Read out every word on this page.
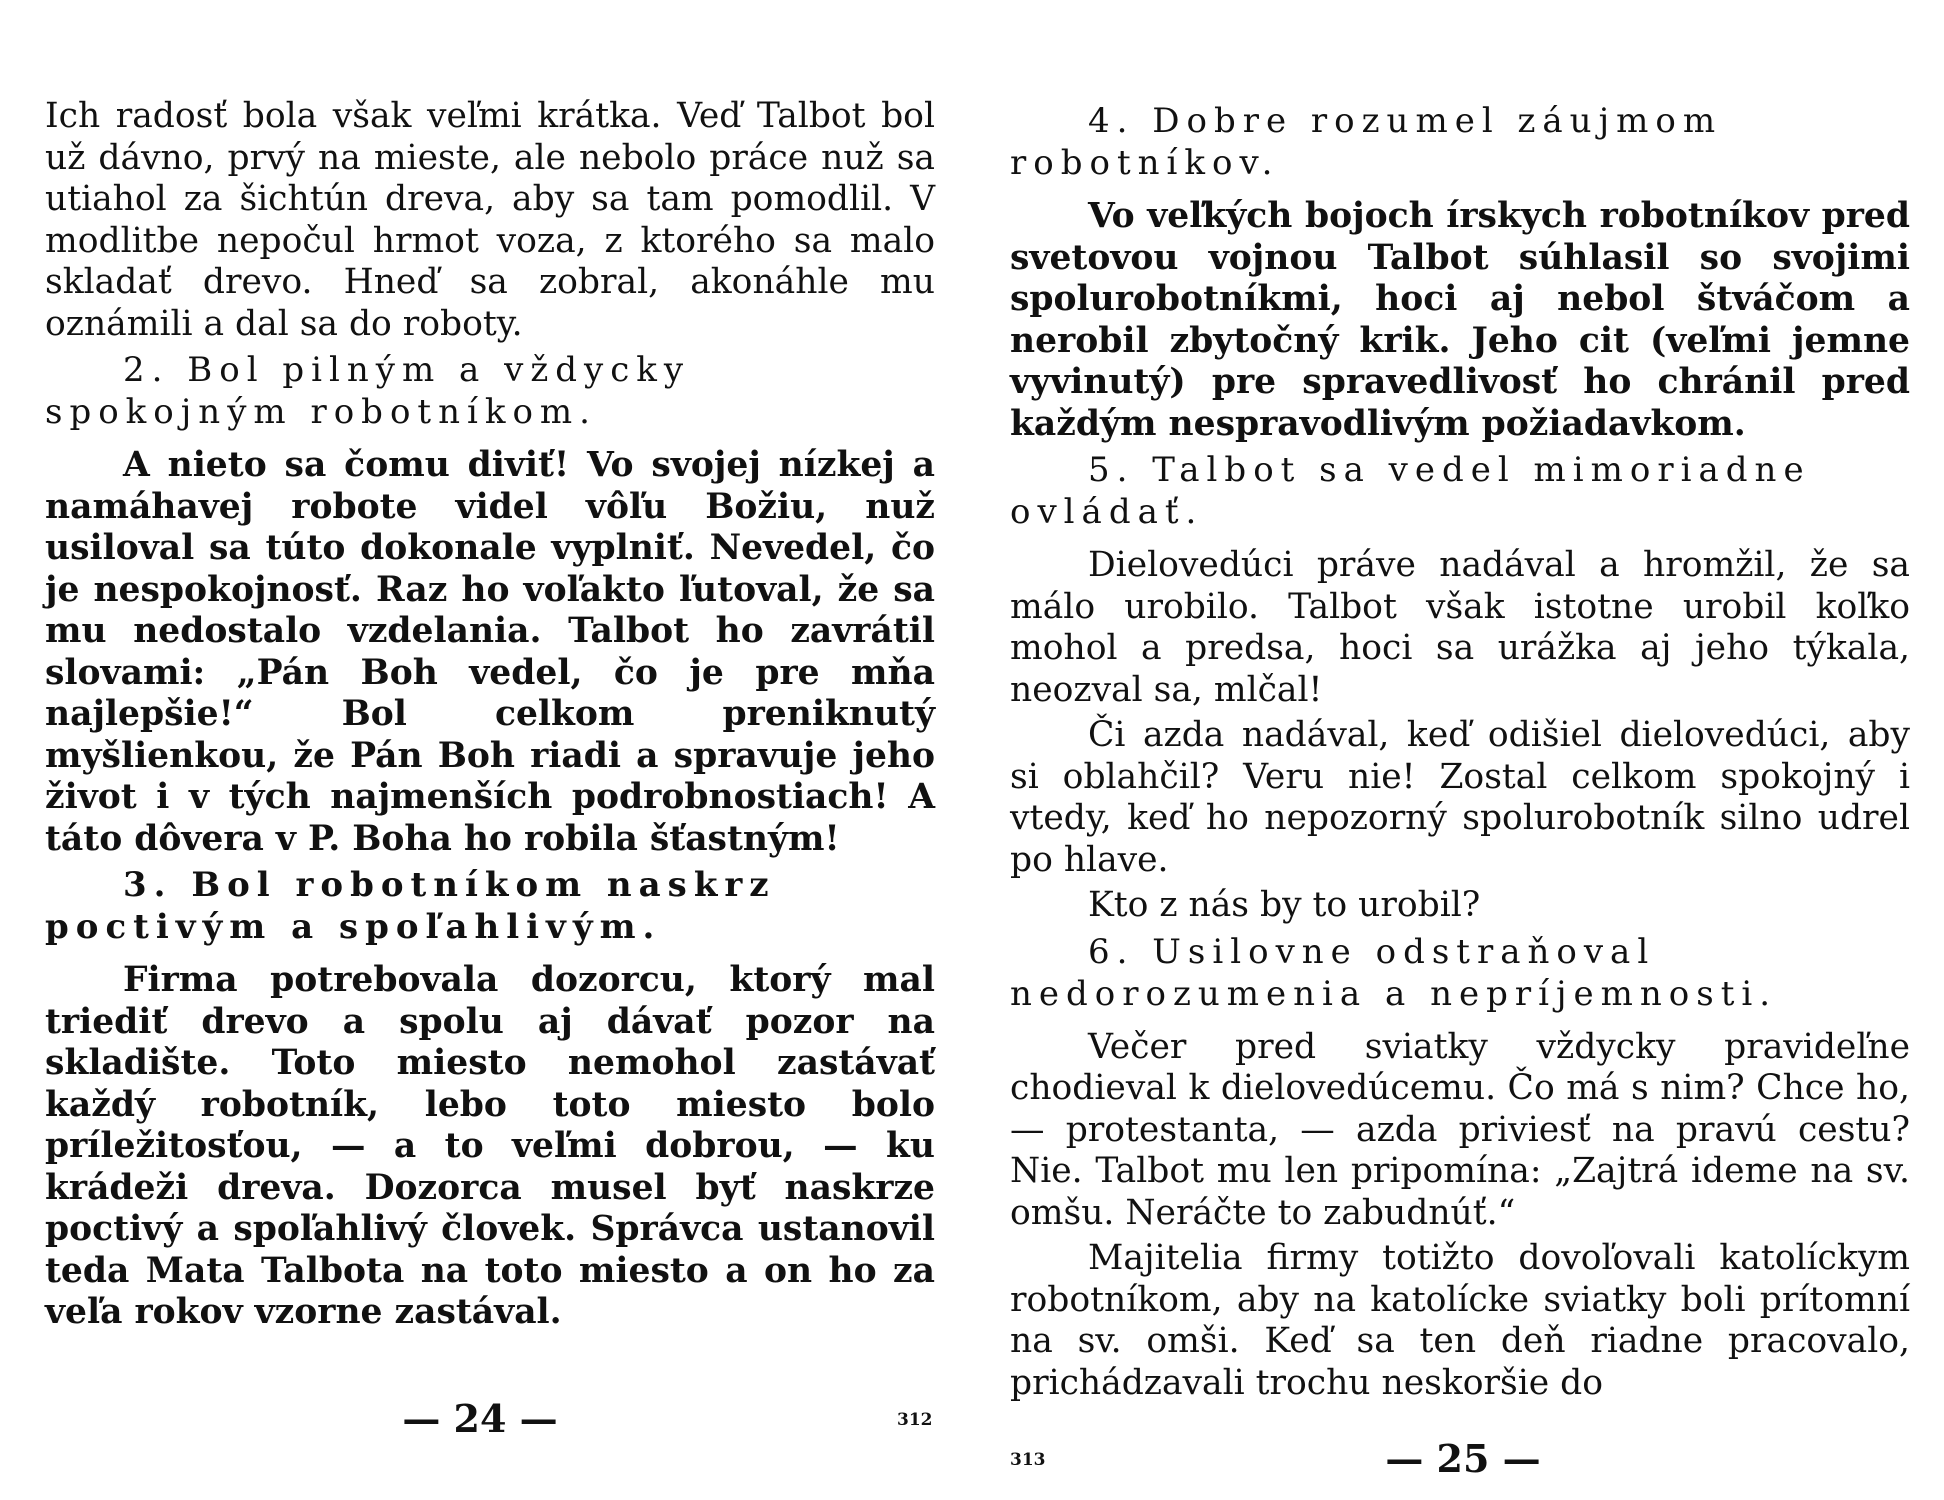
Ich radosť bola však veľmi krátka. Veď Talbot bol už dávno, prvý na mieste, ale nebolo práce nuž sa utiahol za šichtún dreva, aby sa tam pomodlil. V modlitbe nepočul hrmot voza, z ktorého sa malo skladať drevo. Hneď sa zobral, akonáhle mu oznámili a dal sa do roboty.

2. Bol pilným a vždycky spokojným robotníkom.

A nieto sa čomu diviť! Vo svojej nízkej a namáhavej robote videl vôľu Božiu, nuž usiloval sa túto dokonale vyplniť. Nevedel, čo je nespokojnosť. Raz ho voľakto ľutoval, že sa mu nedostalo vzdelania. Talbot ho zavrátil slovami: „Pán Boh vedel, čo je pre mňa najlepšie!“ Bol celkom preniknutý myšlienkou, že Pán Boh riadi a spravuje jeho život i v tých najmenších podrobnostiach! A táto dôvera v P. Boha ho robila šťastným!

3. Bol robotníkom naskrz poctivým a spoľahlivým.

Firma potrebovala dozorcu, ktorý mal triediť drevo a spolu aj dávať pozor na skladište. Toto miesto nemohol zastávať každý robotník, lebo toto miesto bolo príležitosťou, — a to veľmi dobrou, — ku krádeži dreva. Dozorca musel byť naskrze poctivý a spoľahlivý človek. Správca ustanovil teda Mata Talbota na toto miesto a on ho za veľa rokov vzorne zastával.

— 24 —	312
4. Dobre rozumel záujmom robotníkov.

Vo veľkých bojoch írskych robotníkov pred svetovou vojnou Talbot súhlasil so svojimi spolurobotníkmi, hoci aj nebol štváčom a nerobil zbytočný krik. Jeho cit (veľmi jemne vyvinutý) pre spravedlivosť ho chránil pred každým nespravodlivým požiadavkom.

5. Talbot sa vedel mimoriadne ovládať.

Dielovedúci práve nadával a hromžil, že sa málo urobilo. Talbot však istotne urobil koľko mohol a predsa, hoci sa urážka aj jeho týkala, neozval sa, mlčal!

Či azda nadával, keď odišiel dielovedúci, aby si oblahčil? Veru nie! Zostal celkom spokojný i vtedy, keď ho nepozorný spolurobotník silno udrel po hlave.

Kto z nás by to urobil?

6. Usilovne odstraňoval nedorozumenia a nepríjemnosti.

Večer pred sviatky vždycky pravideľne chodieval k dielovedúcemu. Čo má s nim? Chce ho, — protestanta, — azda priviesť na pravú cestu? Nie. Talbot mu len pripomína: „Zajtrá ideme na sv. omšu. Neráčte to zabudnúť.“

Majitelia firmy totižto dovoľovali katolíckym robotníkom, aby na katolícke sviatky boli prítomní na sv. omši. Keď sa ten deň riadne pracovalo, prichádzavali trochu neskoršie do

— 25 —
313
